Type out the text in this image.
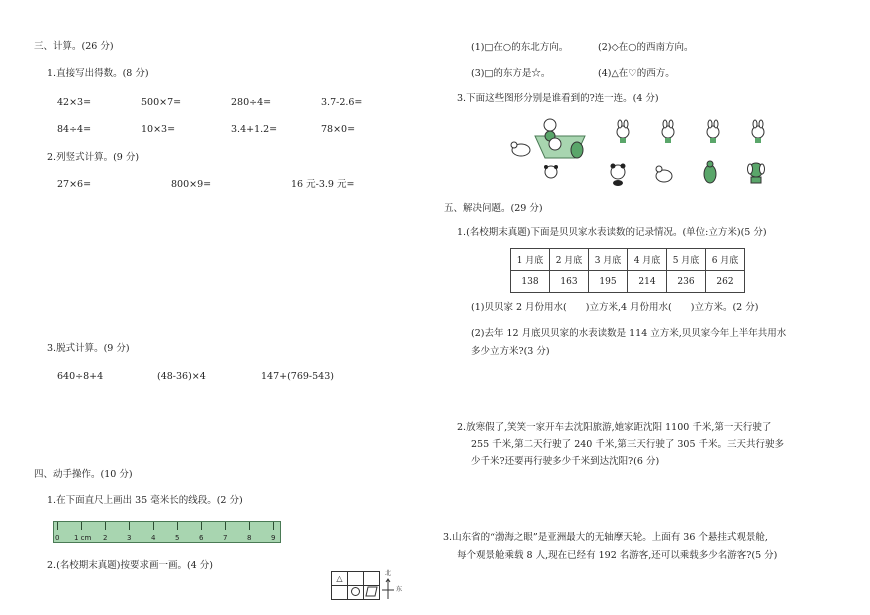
三、计算。(26 分)
1.直接写出得数。(8 分)
42×3=	500×7=	280÷4=	3.7-2.6=
84÷4=	10×3=	3.4+1.2=	78×0=
2.列竖式计算。(9 分)
27×6=	800×9=	16 元-3.9 元=
3.脱式计算。(9 分)
640÷8+4	(48-36)×4	147+(769-543)
四、动手操作。(10 分)
1.在下面直尺上画出 35 毫米长的线段。(2 分)
0 1 cm 2	3	4	5	6	7	8	9
2.(名校期末真题)按要求画一画。(4 分)
△		

北
东
(1)□在○的东北方向。	(2)◇在○的西南方向。
(3)□的东方是☆。	(4)△在♡的西方。
3.下面这些图形分别是谁看到的?连一连。(4 分)
五、解决问题。(29 分)
1.(名校期末真题)下面是贝贝家水表读数的记录情况。(单位:立方米)(5 分)
1 月底	2 月底	3 月底	4 月底	5 月底	6 月底
138	163	195	214	236	262
(1)贝贝家 2 月份用水(　　)立方米,4 月份用水(　　)立方米。(2 分)
(2)去年 12 月底贝贝家的水表读数是 114 立方米,贝贝家今年上半年共用水
多少立方米?(3 分)
2.放寒假了,笑笑一家开车去沈阳旅游,她家距沈阳 1100 千米,第一天行驶了
255 千米,第二天行驶了 240 千米,第三天行驶了 305 千米。三天共行驶多
少千米?还要再行驶多少千米到达沈阳?(6 分)
3.山东省的“渤海之眼”是亚洲最大的无轴摩天轮。上面有 36 个悬挂式观景舱,
每个观景舱乘载 8 人,现在已经有 192 名游客,还可以乘载多少名游客?(5 分)
